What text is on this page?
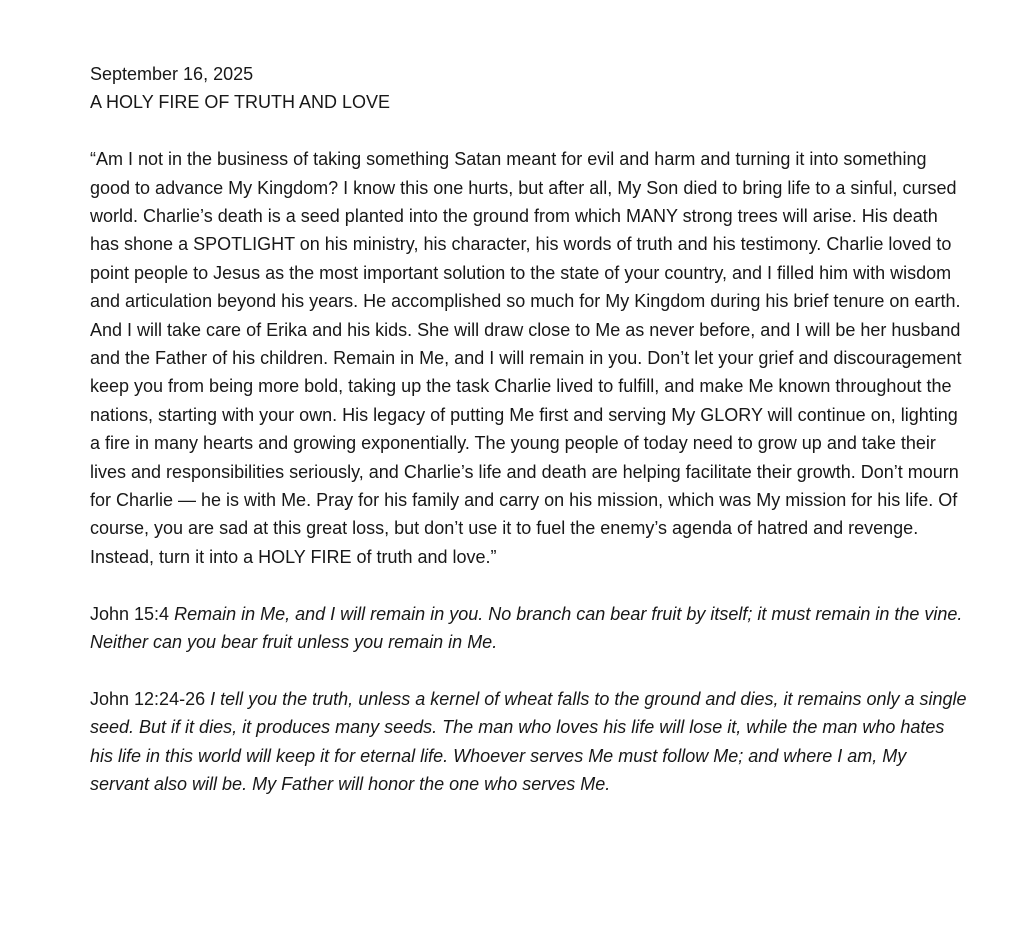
September 16, 2025

A HOLY FIRE OF TRUTH AND LOVE

“Am I not in the business of taking something Satan meant for evil and harm and turning it into something good to advance My Kingdom? I know this one hurts, but after all, My Son died to bring life to a sinful, cursed world. Charlie’s death is a seed planted into the ground from which MANY strong trees will arise. His death has shone a SPOTLIGHT on his ministry, his character, his words of truth and his testimony. Charlie loved to point people to Jesus as the most important solution to the state of your country, and I filled him with wisdom and articulation beyond his years. He accomplished so much for My Kingdom during his brief tenure on earth. And I will take care of Erika and his kids. She will draw close to Me as never before, and I will be her husband and the Father of his children. Remain in Me, and I will remain in you. Don’t let your grief and discouragement keep you from being more bold, taking up the task Charlie lived to fulfill, and make Me known throughout the nations, starting with your own. His legacy of putting Me first and serving My GLORY will continue on, lighting a fire in many hearts and growing exponentially. The young people of today need to grow up and take their lives and responsibilities seriously, and Charlie’s life and death are helping facilitate their growth. Don’t mourn for Charlie — he is with Me. Pray for his family and carry on his mission, which was My mission for his life. Of course, you are sad at this great loss, but don’t use it to fuel the enemy’s agenda of hatred and revenge. Instead, turn it into a HOLY FIRE of truth and love.”

John 15:4 Remain in Me, and I will remain in you. No branch can bear fruit by itself; it must remain in the vine. Neither can you bear fruit unless you remain in Me.

John 12:24-26 I tell you the truth, unless a kernel of wheat falls to the ground and dies, it remains only a single seed. But if it dies, it produces many seeds. The man who loves his life will lose it, while the man who hates his life in this world will keep it for eternal life. Whoever serves Me must follow Me; and where I am, My servant also will be. My Father will honor the one who serves Me.
